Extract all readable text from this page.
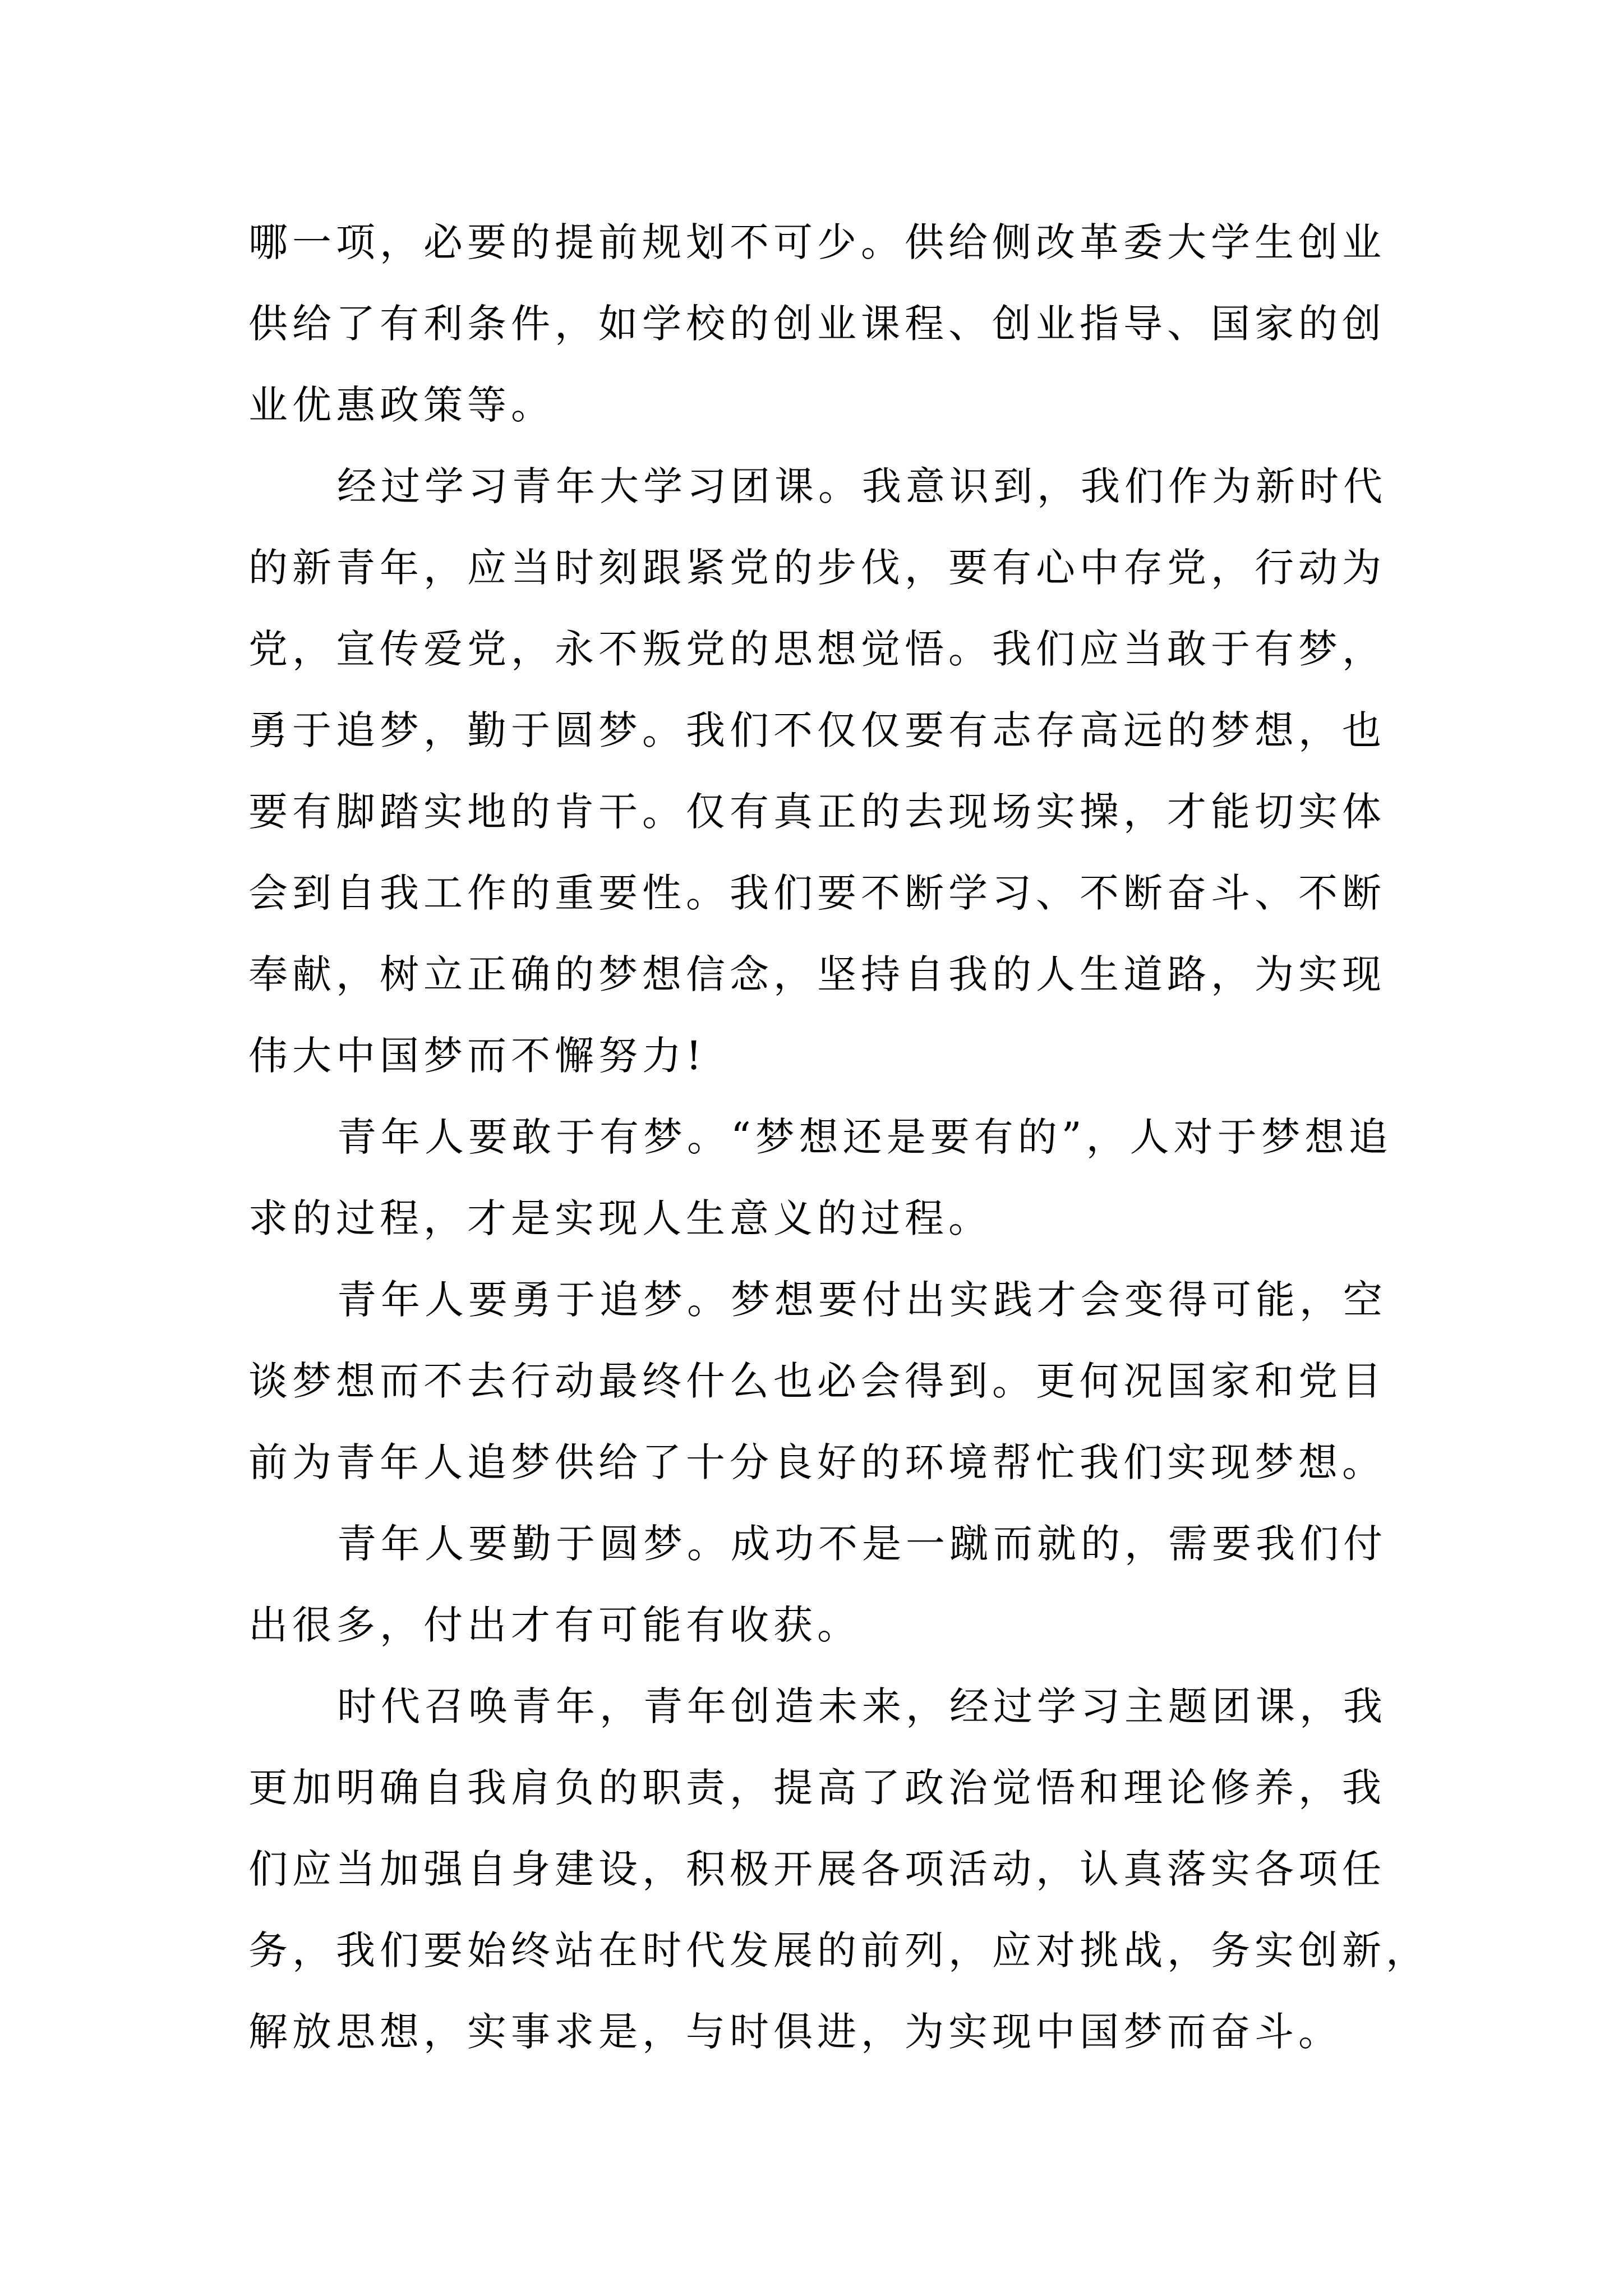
哪一项，必要的提前规划不可少。供给侧改革委大学生创业
供给了有利条件，如学校的创业课程、创业指导、国家的创
业优惠政策等。
经过学习青年大学习团课。我意识到，我们作为新时代
的新青年，应当时刻跟紧党的步伐，要有心中存党，行动为
党，宣传爱党，永不叛党的思想觉悟。我们应当敢于有梦，
勇于追梦，勤于圆梦。我们不仅仅要有志存高远的梦想，也
要有脚踏实地的肯干。仅有真正的去现场实操，才能切实体
会到自我工作的重要性。我们要不断学习、不断奋斗、不断
奉献，树立正确的梦想信念，坚持自我的人生道路，为实现
伟大中国梦而不懈努力!
青年人要敢于有梦。“梦想还是要有的”，人对于梦想追
求的过程，才是实现人生意义的过程。
青年人要勇于追梦。梦想要付出实践才会变得可能，空
谈梦想而不去行动最终什么也必会得到。更何况国家和党目
前为青年人追梦供给了十分良好的环境帮忙我们实现梦想。
青年人要勤于圆梦。成功不是一蹴而就的，需要我们付
出很多，付出才有可能有收获。
时代召唤青年，青年创造未来，经过学习主题团课，我
更加明确自我肩负的职责，提高了政治觉悟和理论修养，我
们应当加强自身建设，积极开展各项活动，认真落实各项任
务，我们要始终站在时代发展的前列，应对挑战，务实创新，
解放思想，实事求是，与时俱进，为实现中国梦而奋斗。
